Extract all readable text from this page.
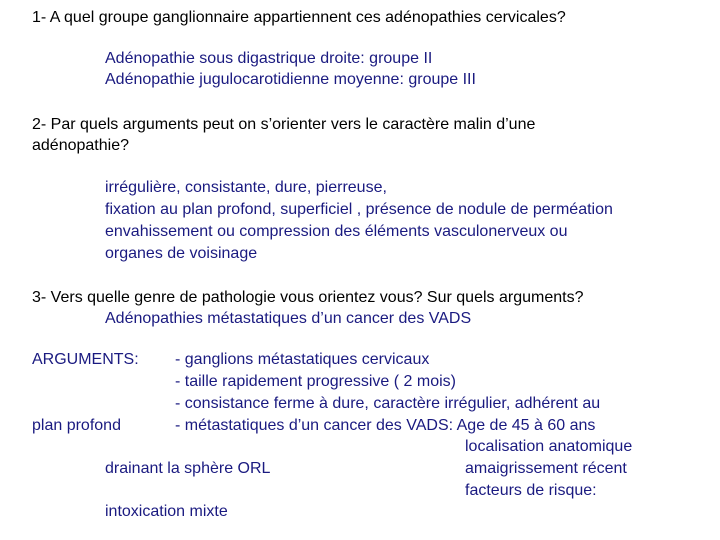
1- A quel groupe ganglionnaire appartiennent ces adénopathies cervicales?
Adénopathie sous digastrique droite: groupe II
Adénopathie jugulocarotidienne moyenne: groupe III
2- Par quels arguments peut on s’orienter vers le caractère malin d’une
adénopathie?
irrégulière, consistante, dure, pierreuse,
fixation au plan profond, superficiel , présence de nodule de perméation
envahissement ou compression des éléments vasculonerveux ou
organes de voisinage
3- Vers quelle genre de pathologie vous orientez vous? Sur quels arguments?
Adénopathies métastatiques d’un cancer des VADS
ARGUMENTS: - ganglions métastatiques cervicaux
- taille rapidement progressive ( 2 mois)
- consistance ferme à dure, caractère irrégulier, adhérent au
plan profond	- métastatiques d’un cancer des VADS: Age de 45 à 60 ans
localisation anatomique
drainant la sphère ORL	amaigrissement récent
facteurs de risque:
intoxication mixte
